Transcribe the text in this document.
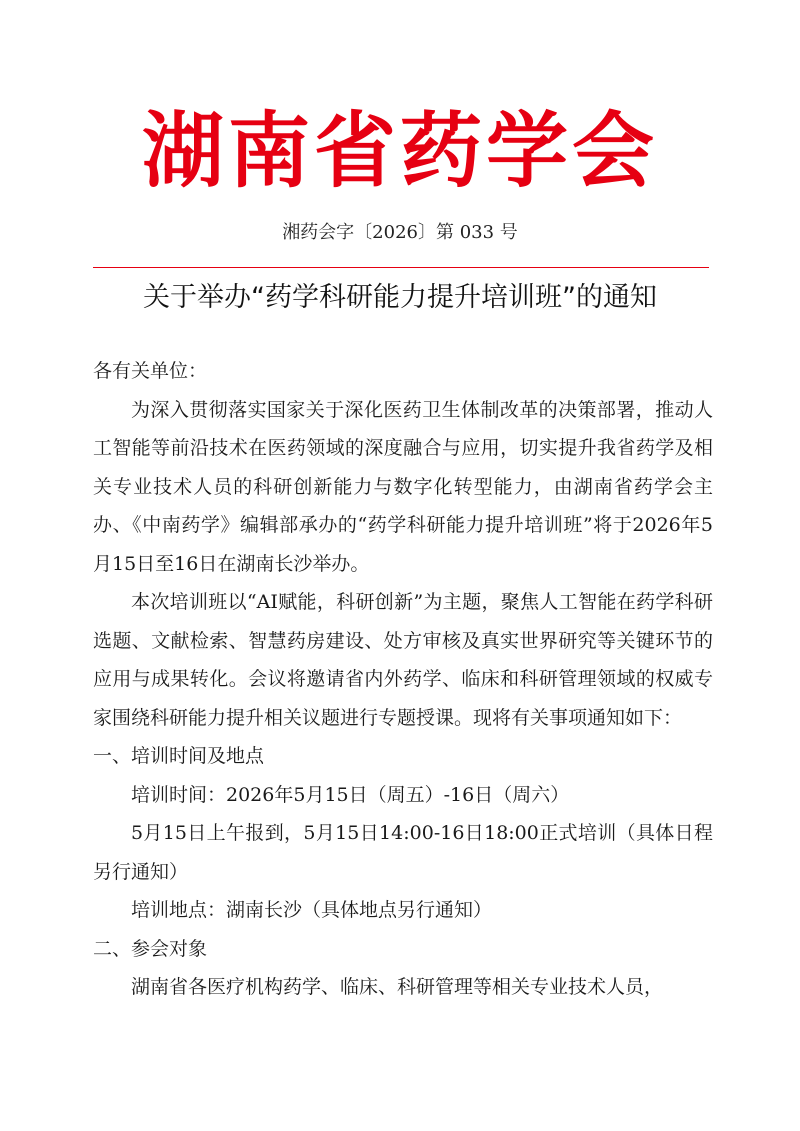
湖南省药学会
湘药会字〔2026〕第 033 号
关于举办“药学科研能力提升培训班”的通知

各有关单位：

为深入贯彻落实国家关于深化医药卫生体制改革的决策部署，推动人工智能等前沿技术在医药领域的深度融合与应用，切实提升我省药学及相关专业技术人员的科研创新能力与数字化转型能力，由湖南省药学会主办、《中南药学》编辑部承办的“药学科研能力提升培训班”将于2026年5月15日至16日在湖南长沙举办。

本次培训班以“AI赋能，科研创新”为主题，聚焦人工智能在药学科研选题、文献检索、智慧药房建设、处方审核及真实世界研究等关键环节的应用与成果转化。会议将邀请省内外药学、临床和科研管理领域的权威专家围绕科研能力提升相关议题进行专题授课。现将有关事项通知如下：

一、培训时间及地点

培训时间：2026年5月15日（周五）-16日（周六）

5月15日上午报到，5月15日14:00-16日18:00正式培训（具体日程另行通知）

培训地点：湖南长沙（具体地点另行通知）

二、参会对象

湖南省各医疗机构药学、临床、科研管理等相关专业技术人员，
